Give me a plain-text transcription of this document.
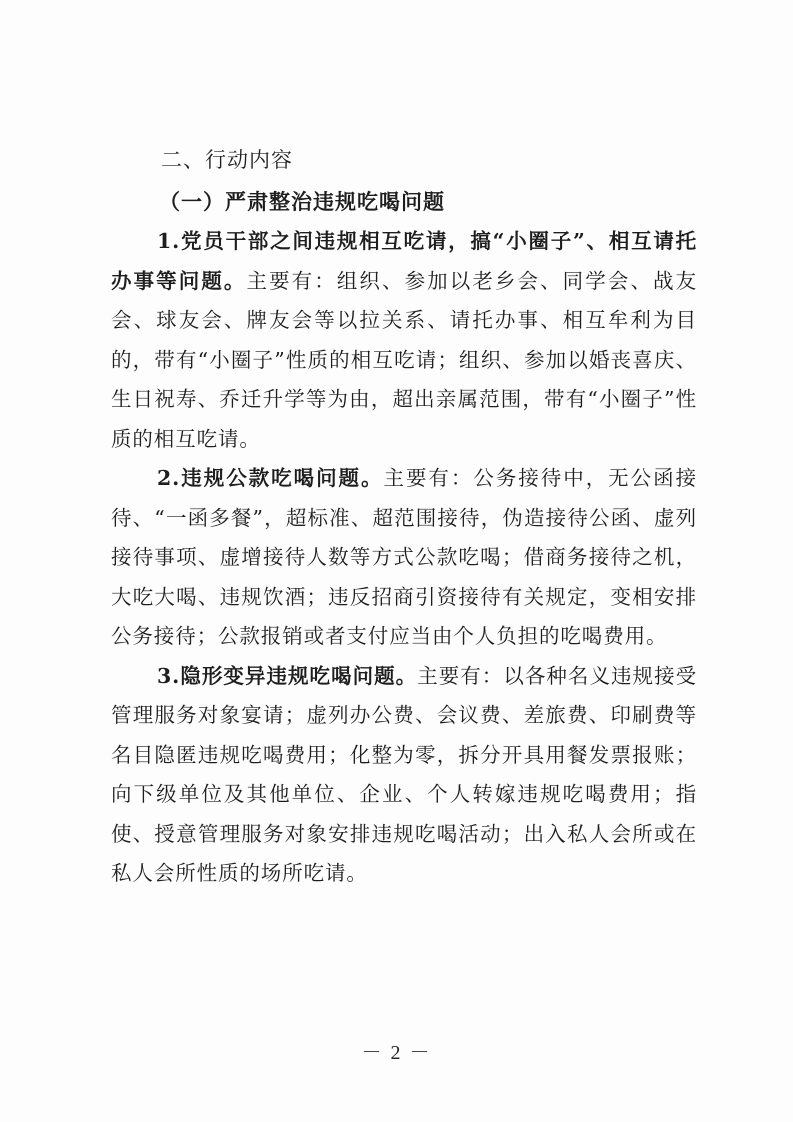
二、行动内容

（一）严肃整治违规吃喝问题

1.党员干部之间违规相互吃请，搞“小圈子”、相互请托办事等问题。主要有：组织、参加以老乡会、同学会、战友会、球友会、牌友会等以拉关系、请托办事、相互牟利为目的，带有“小圈子”性质的相互吃请；组织、参加以婚丧喜庆、生日祝寿、乔迁升学等为由，超出亲属范围，带有“小圈子”性质的相互吃请。

2.违规公款吃喝问题。主要有：公务接待中，无公函接待、“一函多餐”，超标准、超范围接待，伪造接待公函、虚列接待事项、虚增接待人数等方式公款吃喝；借商务接待之机，大吃大喝、违规饮酒；违反招商引资接待有关规定，变相安排公务接待；公款报销或者支付应当由个人负担的吃喝费用。

3.隐形变异违规吃喝问题。主要有：以各种名义违规接受管理服务对象宴请；虚列办公费、会议费、差旅费、印刷费等名目隐匿违规吃喝费用；化整为零，拆分开具用餐发票报账；向下级单位及其他单位、企业、个人转嫁违规吃喝费用；指使、授意管理服务对象安排违规吃喝活动；出入私人会所或在私人会所性质的场所吃请。

－ 2 －
